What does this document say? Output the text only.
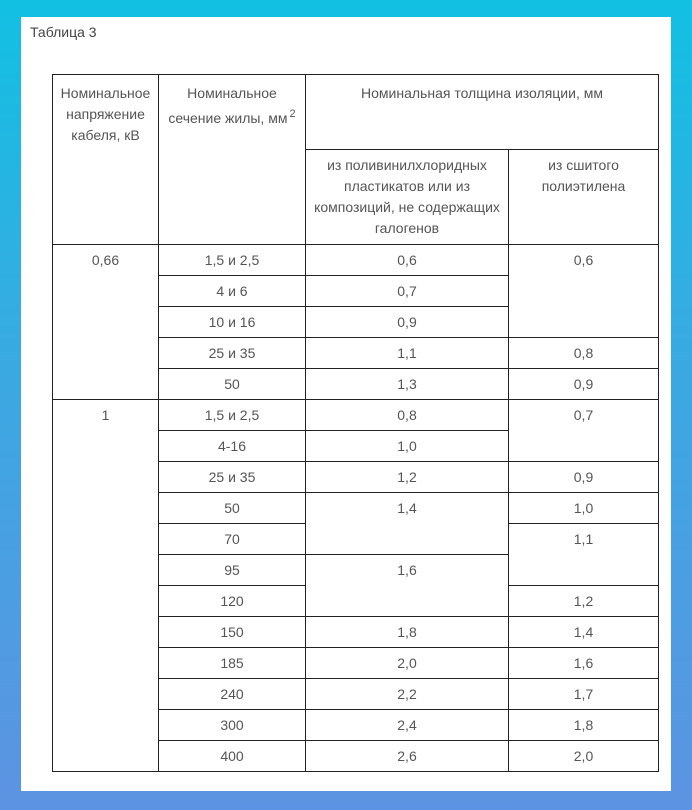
Таблица 3
Номинальное напряжение кабеля, кВ	Номинальное сечение жилы, мм $^2$	Номинальная толщина изоляции, мм	
		из поливинилхлоридных пластикатов или из композиций, не содержащих галогенов	из сшитого полиэтилена
0,66	1,5 и 2,5	0,6	0,6
	4 и 6	0,7	
	10 и 16	0,9	
	25 и 35	1,1	0,8
	50	1,3	0,9
1	1,5 и 2,5	0,8	0,7
	4-16	1,0	
	25 и 35	1,2	0,9
	50	1,4	1,0
	70		1,1
	95	1,6	
	120		1,2
	150	1,8	1,4
	185	2,0	1,6
	240	2,2	1,7
	300	2,4	1,8
	400	2,6	2,0
